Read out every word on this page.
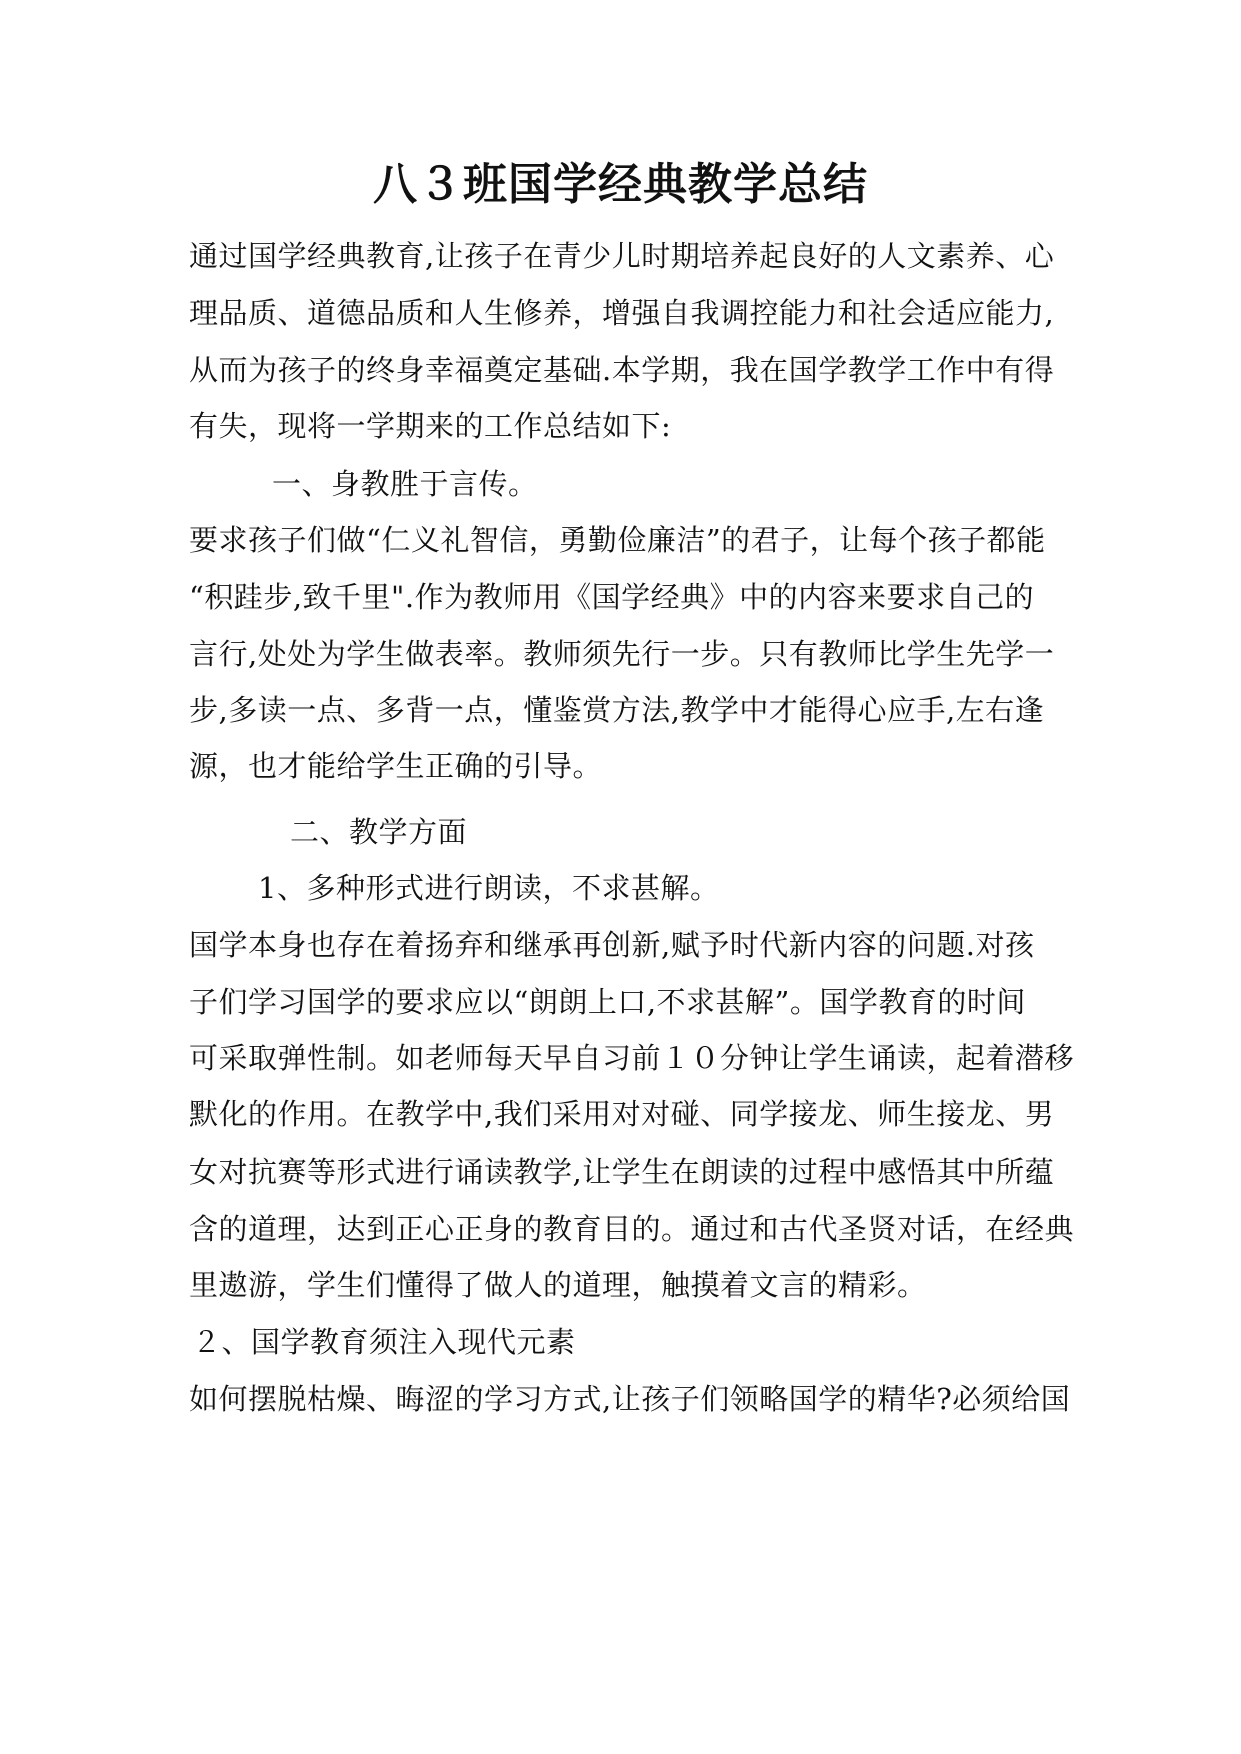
八３班国学经典教学总结
通过国学经典教育,让孩子在青少儿时期培养起良好的人文素养、心
理品质、道德品质和人生修养，增强自我调控能力和社会适应能力,
从而为孩子的终身幸福奠定基础.本学期，我在国学教学工作中有得
有失，现将一学期来的工作总结如下:
一、身教胜于言传。
要求孩子们做“仁义礼智信，勇勤俭廉洁”的君子，让每个孩子都能
“积跬步,致千里".作为教师用《国学经典》中的内容来要求自己的
言行,处处为学生做表率。教师须先行一步。只有教师比学生先学一
步,多读一点、多背一点，懂鉴赏方法,教学中才能得心应手,左右逢
源，也才能给学生正确的引导。
二、教学方面
1、多种形式进行朗读，不求甚解。
国学本身也存在着扬弃和继承再创新,赋予时代新内容的问题.对孩
子们学习国学的要求应以“朗朗上口,不求甚解”。国学教育的时间
可采取弹性制。如老师每天早自习前１０分钟让学生诵读，起着潜移
默化的作用。在教学中,我们采用对对碰、同学接龙、师生接龙、男
女对抗赛等形式进行诵读教学,让学生在朗读的过程中感悟其中所蕴
含的道理，达到正心正身的教育目的。通过和古代圣贤对话，在经典
里遨游，学生们懂得了做人的道理，触摸着文言的精彩。
２、国学教育须注入现代元素
如何摆脱枯燥、晦涩的学习方式,让孩子们领略国学的精华?必须给国
